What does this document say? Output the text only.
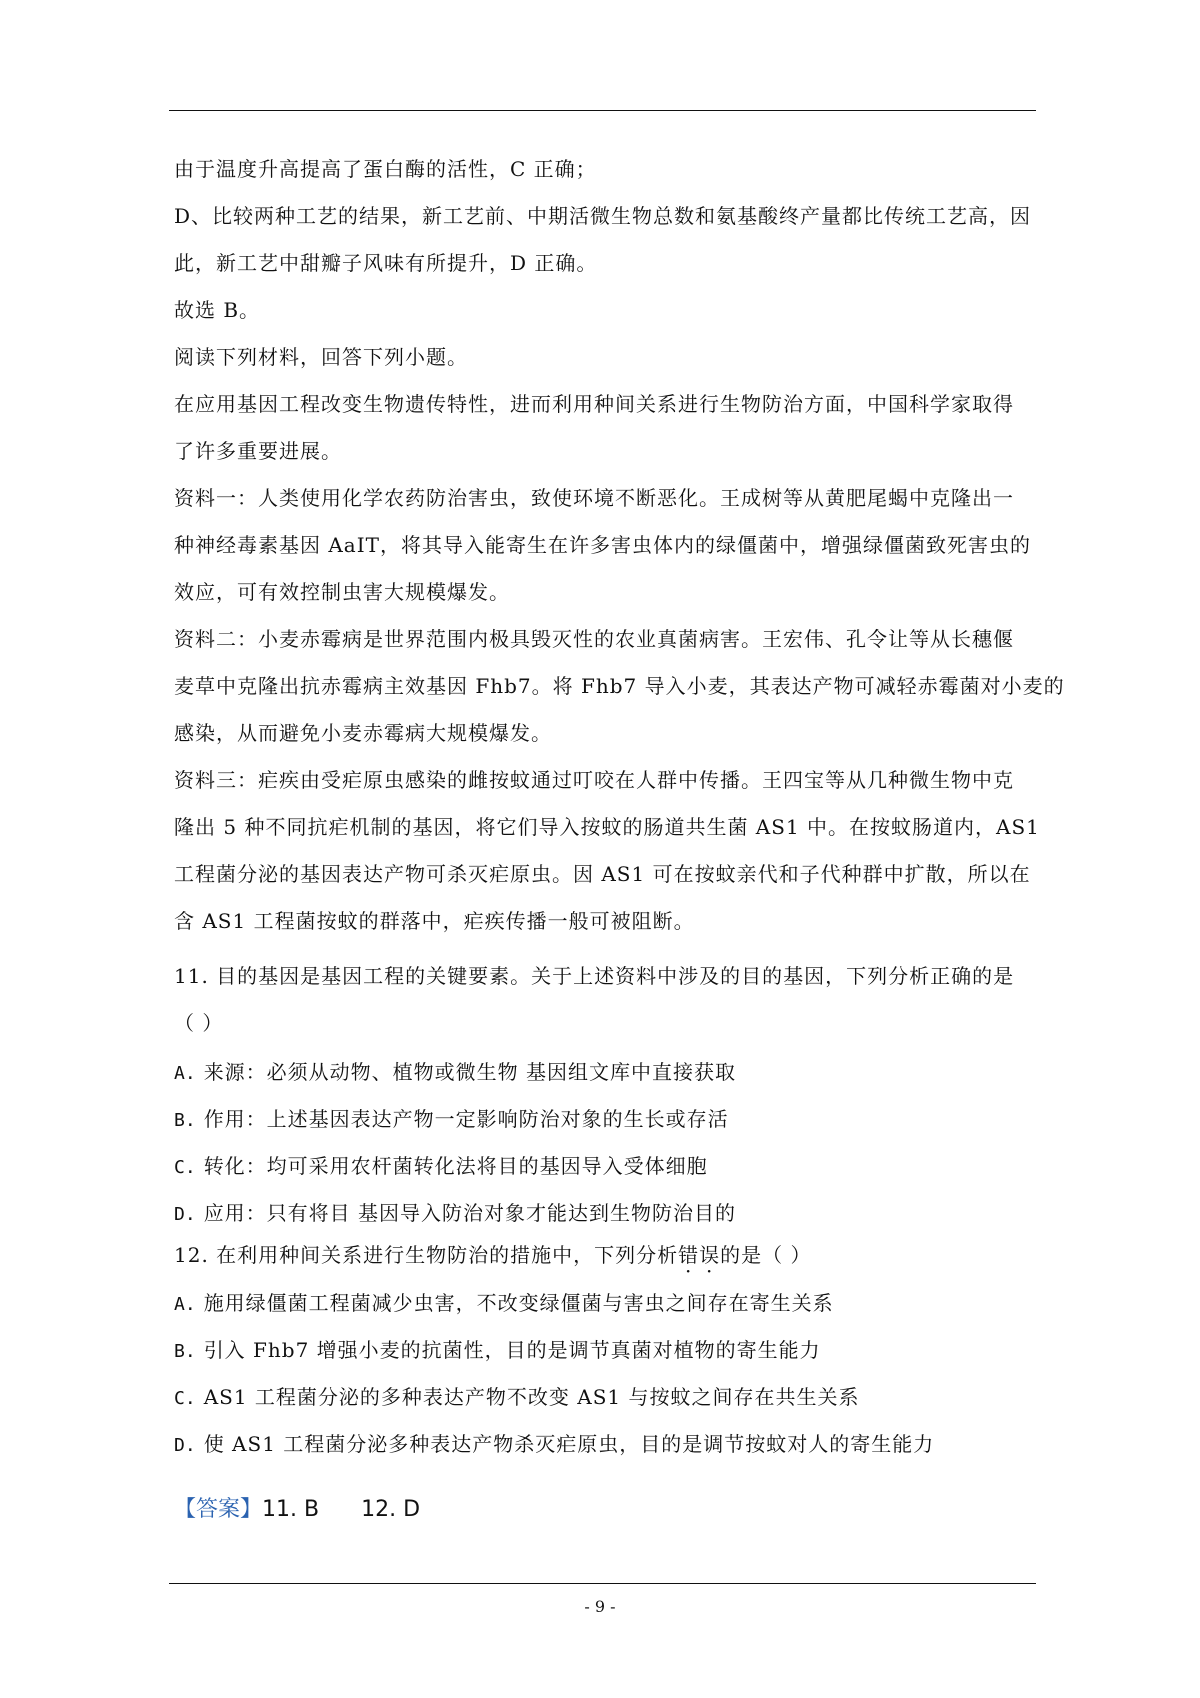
由于温度升高提高了蛋白酶的活性，C 正确；
D、比较两种工艺的结果，新工艺前、中期活微生物总数和氨基酸终产量都比传统工艺高，因
此，新工艺中甜瓣子风味有所提升，D 正确。
故选 B。
阅读下列材料，回答下列小题。
在应用基因工程改变生物遗传特性，进而利用种间关系进行生物防治方面，中国科学家取得
了许多重要进展。
资料一：人类使用化学农药防治害虫，致使环境不断恶化。王成树等从黄肥尾蝎中克隆出一
种神经毒素基因 AaIT，将其导入能寄生在许多害虫体内的绿僵菌中，增强绿僵菌致死害虫的
效应，可有效控制虫害大规模爆发。
资料二：小麦赤霉病是世界范围内极具毁灭性的农业真菌病害。王宏伟、孔令让等从长穗偃
麦草中克隆出抗赤霉病主效基因 Fhb7。将 Fhb7 导入小麦，其表达产物可减轻赤霉菌对小麦的
感染，从而避免小麦赤霉病大规模爆发。
资料三：疟疾由受疟原虫感染的雌按蚊通过叮咬在人群中传播。王四宝等从几种微生物中克
隆出 5 种不同抗疟机制的基因，将它们导入按蚊的肠道共生菌 AS1 中。在按蚊肠道内，AS1
工程菌分泌的基因表达产物可杀灭疟原虫。因 AS1 可在按蚊亲代和子代种群中扩散，所以在
含 AS1 工程菌按蚊的群落中，疟疾传播一般可被阻断。
11. 目的基因是基因工程的关键要素。关于上述资料中涉及的目的基因，下列分析正确的是
（ ）
A. 来源：必须从动物、植物或微生物 基因组文库中直接获取
B. 作用：上述基因表达产物一定影响防治对象的生长或存活
C. 转化：均可采用农杆菌转化法将目的基因导入受体细胞
D. 应用：只有将目 基因导入防治对象才能达到生物防治目的
12. 在利用种间关系进行生物防治的措施中，下列分析错误的是（ ）
A. 施用绿僵菌工程菌减少虫害，不改变绿僵菌与害虫之间存在寄生关系
B. 引入 Fhb7 增强小麦的抗菌性，目的是调节真菌对植物的寄生能力
C. AS1 工程菌分泌的多种表达产物不改变 AS1 与按蚊之间存在共生关系
D. 使 AS1 工程菌分泌多种表达产物杀灭疟原虫，目的是调节按蚊对人的寄生能力
【答案】11. B 12. D
- 9 -
